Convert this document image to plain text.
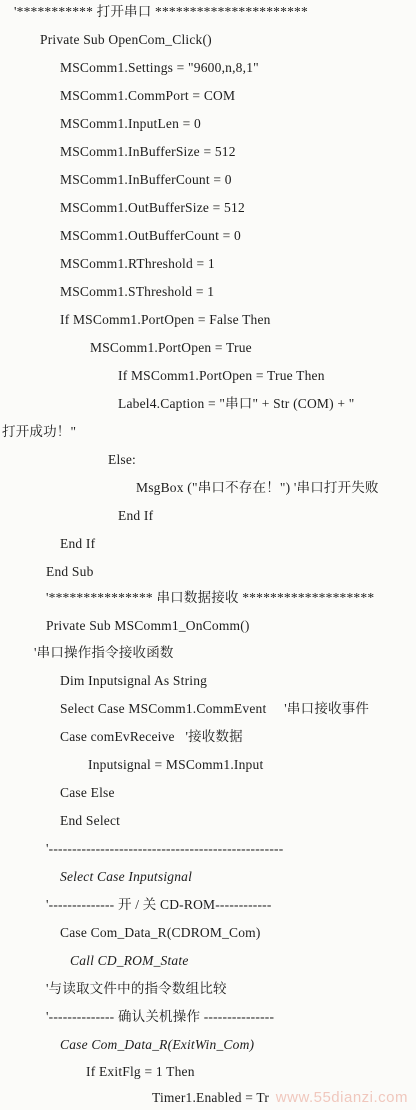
'*********** 打开串口 **********************
Private Sub OpenCom_Click()
MSComm1.Settings = "9600,n,8,1"
MSComm1.CommPort = COM
MSComm1.InputLen = 0
MSComm1.InBufferSize = 512
MSComm1.InBufferCount = 0
MSComm1.OutBufferSize = 512
MSComm1.OutBufferCount = 0
MSComm1.RThreshold = 1
MSComm1.SThreshold = 1
If MSComm1.PortOpen = False Then
MSComm1.PortOpen = True
If MSComm1.PortOpen = True Then
Label4.Caption = "串口" + Str (COM) + "
打开成功！"
Else:
MsgBox ("串口不存在！") '串口打开失败
End If
End If
End Sub
'*************** 串口数据接收 *******************
Private Sub MSComm1_OnComm()
'串口操作指令接收函数
Dim Inputsignal As String
Select Case MSComm1.CommEvent     '串口接收事件
Case comEvReceive   '接收数据
Inputsignal = MSComm1.Input
Case Else
End Select
'--------------------------------------------------
Select Case Inputsignal
'-------------- 开 / 关 CD-ROM------------
Case Com_Data_R(CDROM_Com)
Call CD_ROM_State
'与读取文件中的指令数组比较
'-------------- 确认关机操作 ---------------
Case Com_Data_R(ExitWin_Com)
If ExitFlg = 1 Then
Timer1.Enabled = Tr www.55dianzi.com
